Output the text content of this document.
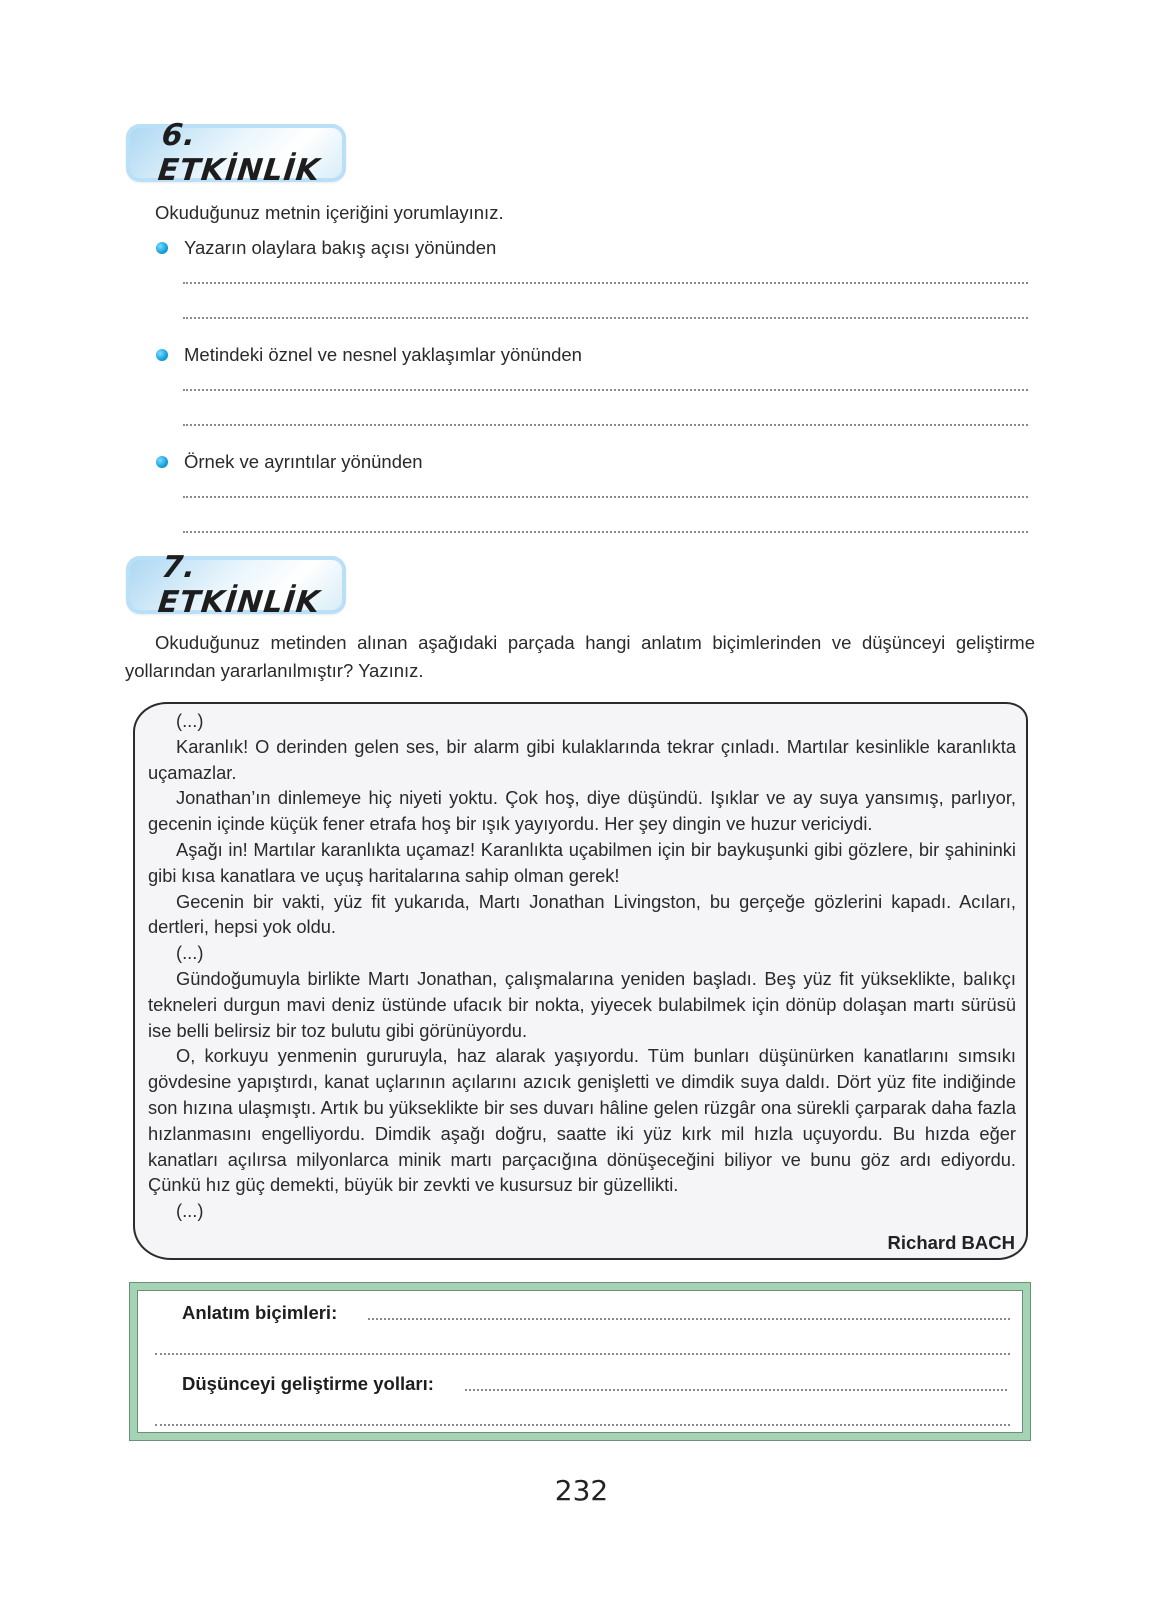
6. ETKİNLİK
Okuduğunuz metnin içeriğini yorumlayınız.
Yazarın olaylara bakış açısı yönünden
Metindeki öznel ve nesnel yaklaşımlar yönünden
Örnek ve ayrıntılar yönünden
7. ETKİNLİK
Okuduğunuz metinden alınan aşağıdaki parçada hangi anlatım biçimlerinden ve düşünceyi geliştirme yollarından yararlanılmıştır? Yazınız.

(...)

Karanlık! O derinden gelen ses, bir alarm gibi kulaklarında tekrar çınladı. Martılar kesinlikle karanlıkta uçamazlar.

Jonathan’ın dinlemeye hiç niyeti yoktu. Çok hoş, diye düşündü. Işıklar ve ay suya yansımış, parlıyor, gecenin içinde küçük fener etrafa hoş bir ışık yayıyordu. Her şey dingin ve huzur vericiydi.

Aşağı in! Martılar karanlıkta uçamaz! Karanlıkta uçabilmen için bir baykuşunki gibi gözlere, bir şahininki gibi kısa kanatlara ve uçuş haritalarına sahip olman gerek!

Gecenin bir vakti, yüz fit yukarıda, Martı Jonathan Livingston, bu gerçeğe gözlerini kapadı. Acıları, dertleri, hepsi yok oldu.

(...)

Gündoğumuyla birlikte Martı Jonathan, çalışmalarına yeniden başladı. Beş yüz fit yükseklikte, balıkçı tekneleri durgun mavi deniz üstünde ufacık bir nokta, yiyecek bulabilmek için dönüp dolaşan martı sürüsü ise belli belirsiz bir toz bulutu gibi görünüyordu.

O, korkuyu yenmenin gururuyla, haz alarak yaşıyordu. Tüm bunları düşünürken kanatlarını sımsıkı gövdesine yapıştırdı, kanat uçlarının açılarını azıcık genişletti ve dimdik suya daldı. Dört yüz fite indiğinde son hızına ulaşmıştı. Artık bu yükseklikte bir ses duvarı hâline gelen rüzgâr ona sürekli çarparak daha fazla hızlanmasını engelliyordu. Dimdik aşağı doğru, saatte iki yüz kırk mil hızla uçuyordu. Bu hızda eğer kanatları açılırsa milyonlarca minik martı parçacığına dönüşeceğini biliyor ve bunu göz ardı ediyordu. Çünkü hız güç demekti, büyük bir zevkti ve kusursuz bir güzellikti.

(...)

Richard BACH
Anlatım biçimleri:
Düşünceyi geliştirme yolları:
232
